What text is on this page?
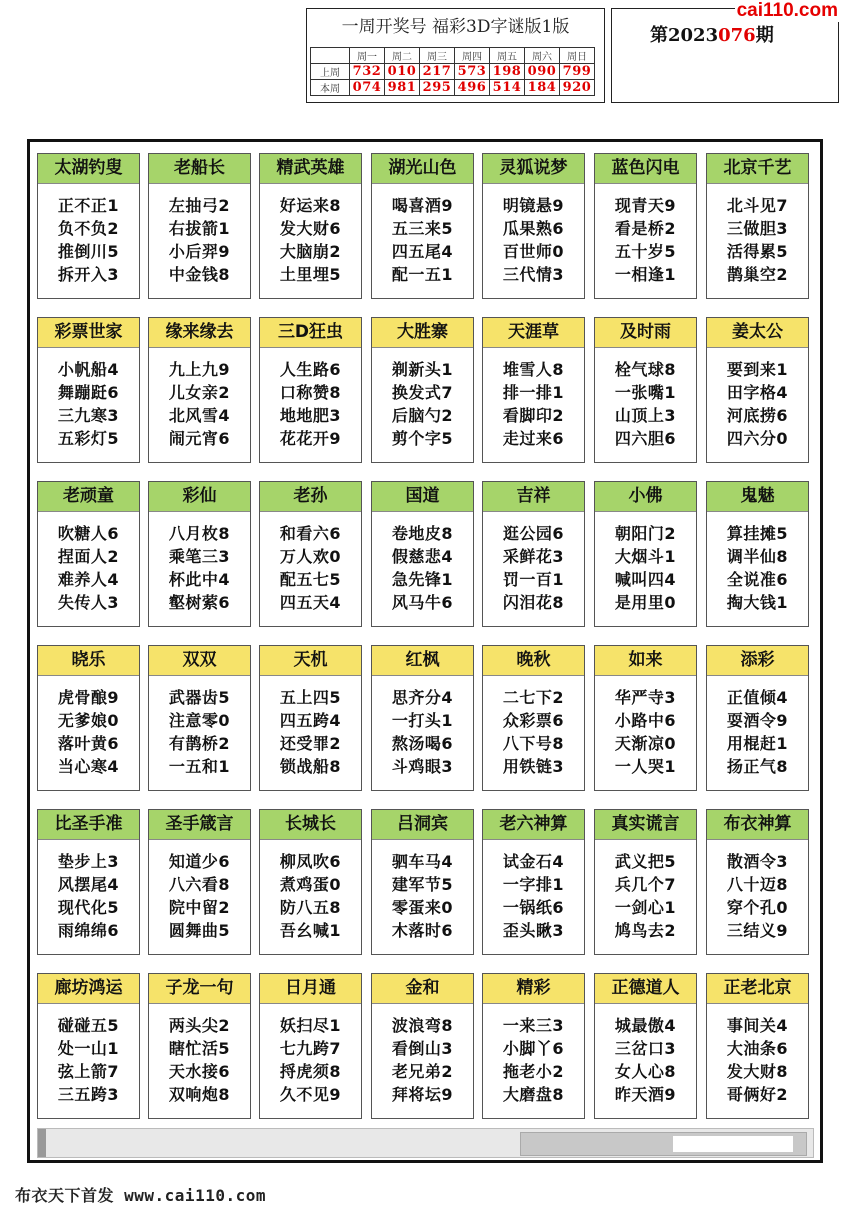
一周开奖号 福彩3D字谜版1版
	周一	周二	周三	周四	周五	周六	周日
上周	732	010	217	573	198	090	799
本周	074	981	295	496	514	184	920
第2023076期
cai110.com
太湖钓叟
正不正1
负不负2
推倒川5
拆开入3
老船长
左抽弓2
右拔箭1
小后羿9
中金钱8
精武英雄
好运来8
发大财6
大脑崩2
土里埋5
湖光山色
喝喜酒9
五三来5
四五尾4
配一五1
灵狐说梦
明镜悬9
瓜果熟6
百世师0
三代情3
蓝色闪电
现青天9
看是桥2
五十岁5
一相逢1
北京千艺
北斗见7
三做胆3
活得累5
鹊巢空2
彩票世家
小帆船4
舞蹦跹6
三九寒3
五彩灯5
缘来缘去
九上九9
儿女亲2
北风雪4
闹元宵6
三D狂虫
人生路6
口称赞8
地地肥3
花花开9
大胜寨
剃新头1
换发式7
后脑勺2
剪个字5
天涯草
堆雪人8
排一排1
看脚印2
走过来6
及时雨
栓气球8
一张嘴1
山顶上3
四六胆6
姜太公
要到来1
田字格4
河底捞6
四六分0
老顽童
吹糖人6
捏面人2
难养人4
失传人3
彩仙
八月枚8
乘笔三3
杯此中4
壑树萦6
老孙
和看六6
万人欢0
配五七5
四五天4
国道
卷地皮8
假慈悲4
急先锋1
风马牛6
吉祥
逛公园6
采鲜花3
罚一百1
闪泪花8
小佛
朝阳门2
大烟斗1
喊叫四4
是用里0
鬼魅
算挂摊5
调半仙8
全说准6
掏大钱1
晓乐
虎骨酿9
无爹娘0
落叶黄6
当心寒4
双双
武器齿5
注意零0
有鹊桥2
一五和1
天机
五上四5
四五跨4
还受罪2
锁战船8
红枫
思齐分4
一打头1
熬汤喝6
斗鸡眼3
晚秋
二七下2
众彩票6
八下号8
用铁链3
如来
华严寺3
小路中6
天渐凉0
一人哭1
添彩
正值倾4
耍酒令9
用棍赶1
扬正气8
比圣手准
垫步上3
风摆尾4
现代化5
雨绵绵6
圣手箴言
知道少6
八六看8
院中留2
圆舞曲5
长城长
柳凤吹6
煮鸡蛋0
防八五8
吾幺喊1
吕洞宾
驷车马4
建军节5
零蛋来0
木落时6
老六神算
试金石4
一字排1
一锅纸6
歪头瞅3
真实谎言
武义把5
兵几个7
一剑心1
鸠鸟去2
布衣神算
散酒令3
八十迈8
穿个孔0
三结义9
廊坊鸿运
碰碰五5
处一山1
弦上箭7
三五跨3
子龙一句
两头尖2
瞎忙活5
天水接6
双响炮8
日月通
妖扫尽1
七九跨7
捋虎须8
久不见9
金和
波浪弯8
看倒山3
老兄弟2
拜将坛9
精彩
一来三3
小脚丫6
拖老小2
大磨盘8
正德道人
城最傲4
三岔口3
女人心8
昨天酒9
正老北京
事间关4
大油条6
发大财8
哥俩好2
布衣天下首发 www.cai110.com
